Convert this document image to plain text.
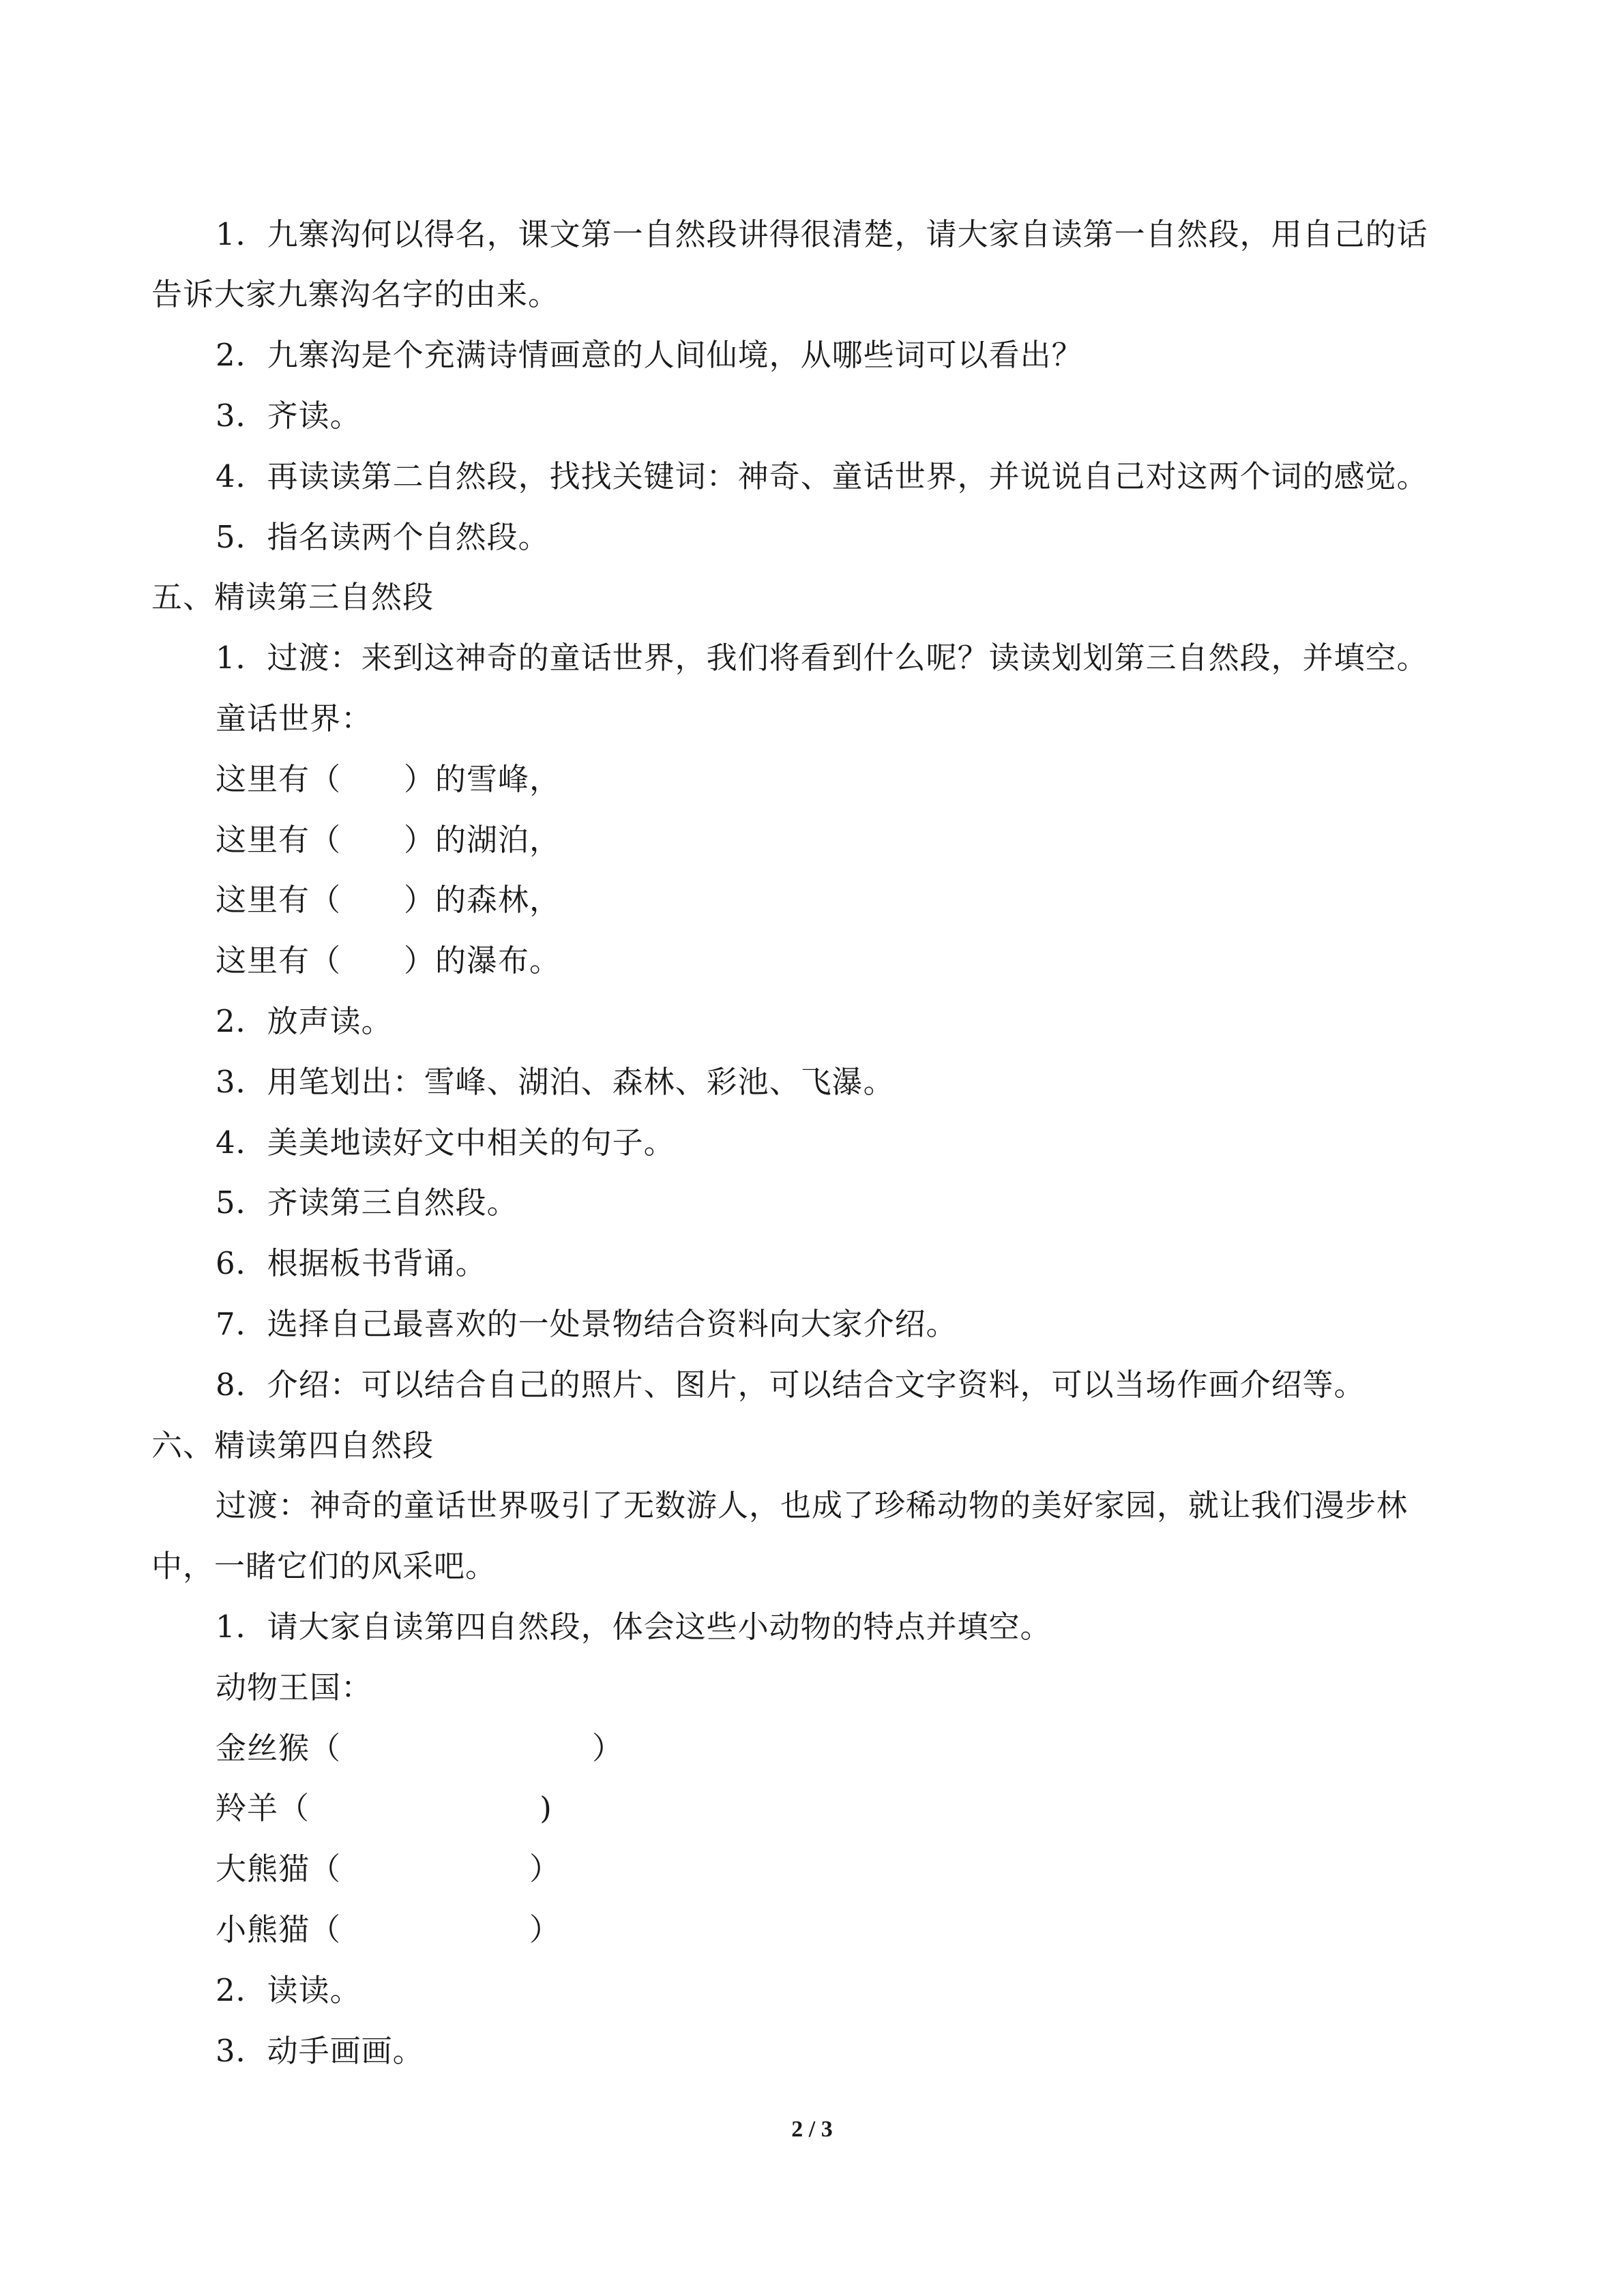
1．九寨沟何以得名，课文第一自然段讲得很清楚，请大家自读第一自然段，用自己的话
告诉大家九寨沟名字的由来。
2．九寨沟是个充满诗情画意的人间仙境，从哪些词可以看出？
3．齐读。
4．再读读第二自然段，找找关键词：神奇、童话世界，并说说自己对这两个词的感觉。
5．指名读两个自然段。
五、精读第三自然段
1．过渡：来到这神奇的童话世界，我们将看到什么呢？读读划划第三自然段，并填空。
童话世界：
这里有（　　）的雪峰，
这里有（　　）的湖泊，
这里有（　　）的森林，
这里有（　　）的瀑布。
2．放声读。
3．用笔划出：雪峰、湖泊、森林、彩池、飞瀑。
4．美美地读好文中相关的句子。
5．齐读第三自然段。
6．根据板书背诵。
7．选择自己最喜欢的一处景物结合资料向大家介绍。
8．介绍：可以结合自己的照片、图片，可以结合文字资料，可以当场作画介绍等。
六、精读第四自然段
过渡：神奇的童话世界吸引了无数游人，也成了珍稀动物的美好家园，就让我们漫步林
中，一睹它们的风采吧。
1．请大家自读第四自然段，体会这些小动物的特点并填空。
动物王国：
金丝猴（　　　　　　　　）
羚羊（　　　　　　　 )
大熊猫（　　　　　　）
小熊猫（　　　　　　）
2．读读。
3．动手画画。
2 / 3
